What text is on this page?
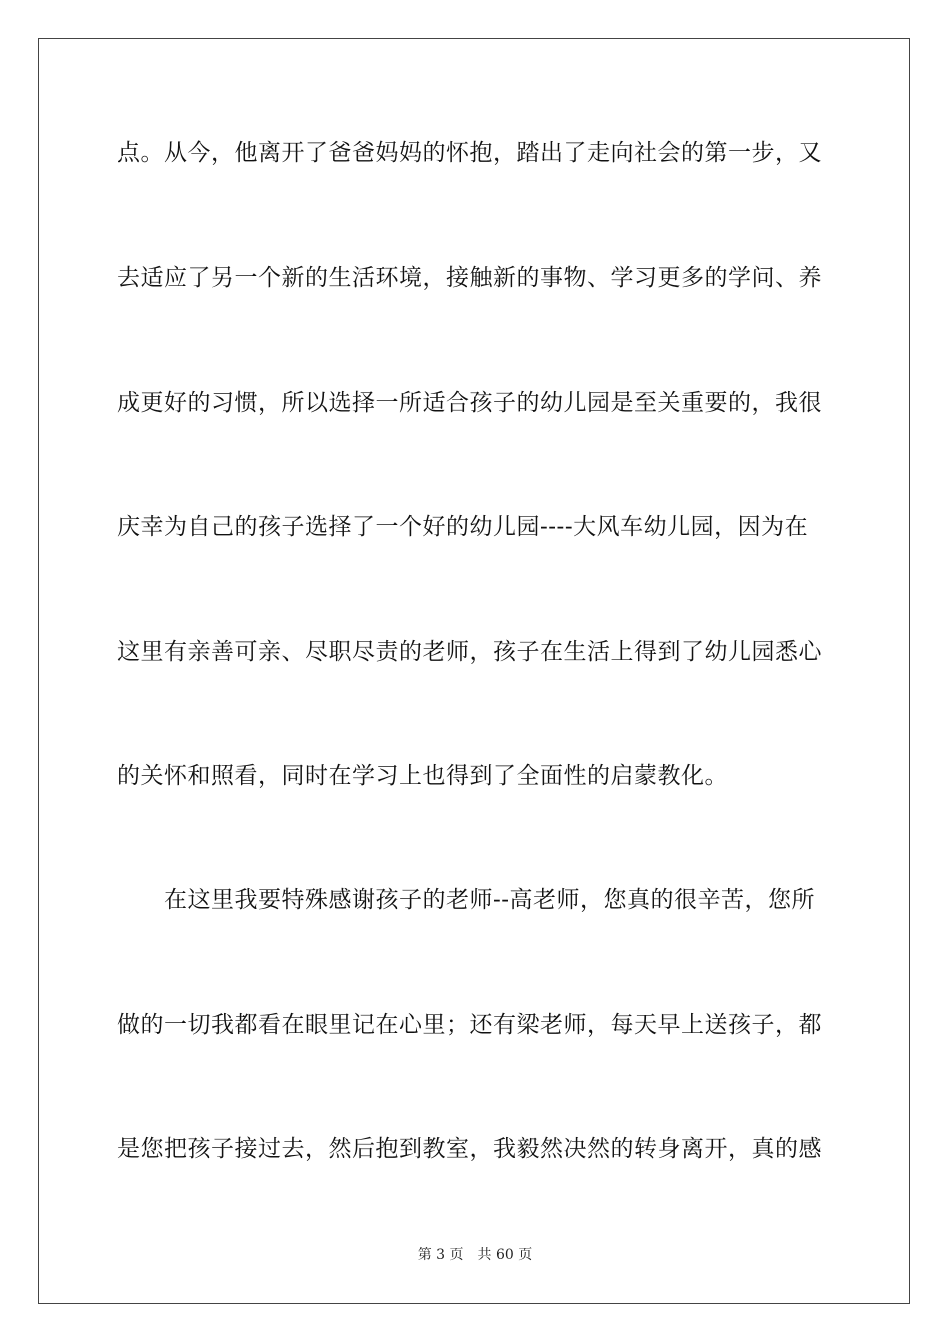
点。从今，他离开了爸爸妈妈的怀抱，踏出了走向社会的第一步，又
去适应了另一个新的生活环境，接触新的事物、学习更多的学问、养
成更好的习惯，所以选择一所适合孩子的幼儿园是至关重要的，我很
庆幸为自己的孩子选择了一个好的幼儿园----大风车幼儿园，因为在
这里有亲善可亲、尽职尽责的老师，孩子在生活上得到了幼儿园悉心
的关怀和照看，同时在学习上也得到了全面性的启蒙教化。
在这里我要特殊感谢孩子的老师--高老师，您真的很辛苦，您所
做的一切我都看在眼里记在心里；还有梁老师，每天早上送孩子，都
是您把孩子接过去，然后抱到教室，我毅然决然的转身离开，真的感
第 3 页 共 60 页
